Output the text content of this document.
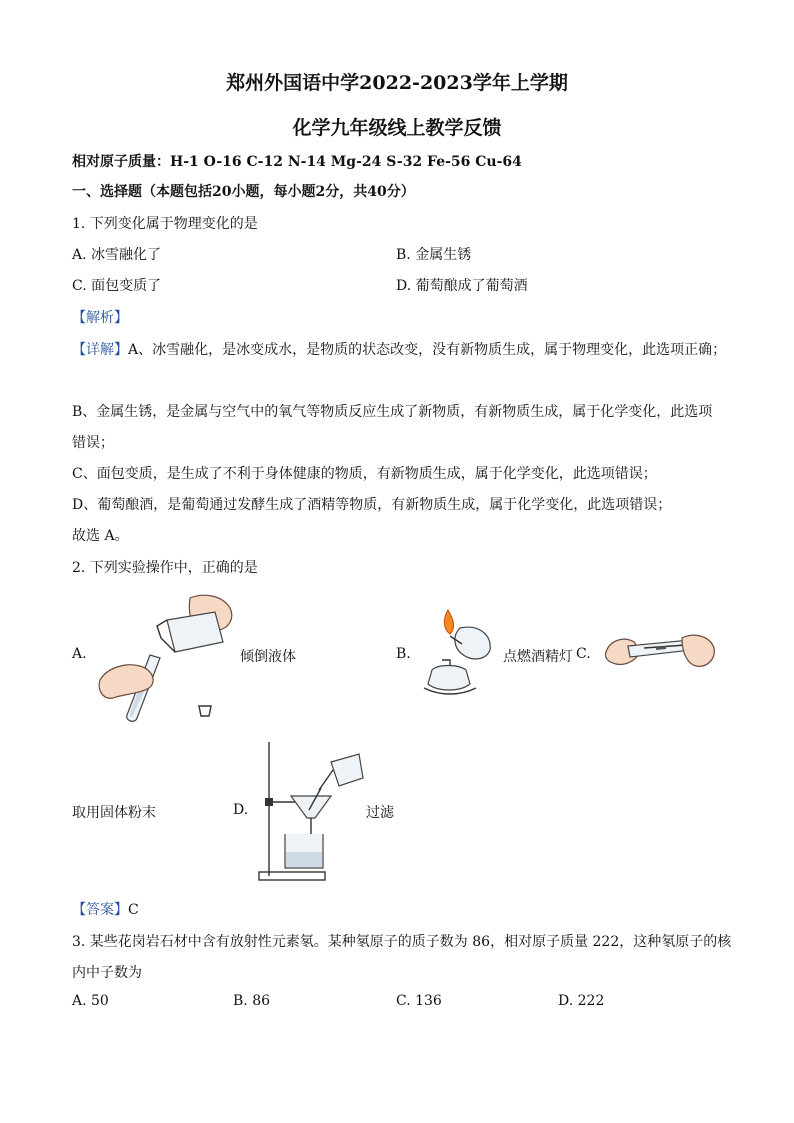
郑州外国语中学2022-2023学年上学期
化学九年级线上教学反馈
相对原子质量：H-1 O-16 C-12 N-14 Mg-24 S-32 Fe-56 Cu-64
一、选择题（本题包括20小题，每小题2分，共40分）
1. 下列变化属于物理变化的是
A. 冰雪融化了	B. 金属生锈
C. 面包变质了	D. 葡萄酿成了葡萄酒
【解析】
【详解】A、冰雪融化，是冰变成水，是物质的状态改变，没有新物质生成，属于物理变化，此选项正确；
B、金属生锈，是金属与空气中的氧气等物质反应生成了新物质，有新物质生成，属于化学变化，此选项
错误；
C、面包变质，是生成了不利于身体健康的物质，有新物质生成，属于化学变化，此选项错误；
D、葡萄酿酒，是葡萄通过发酵生成了酒精等物质，有新物质生成，属于化学变化，此选项错误；
故选 A。
2. 下列实验操作中，正确的是
A.	倾倒液体	B.	点燃酒精灯 C.
取用固体粉末	D.	过滤
【答案】C
3. 某些花岗岩石材中含有放射性元素氡。某种氡原子的质子数为 86，相对原子质量 222，这种氡原子的核
内中子数为
A. 50	B. 86	C. 136	D. 222
